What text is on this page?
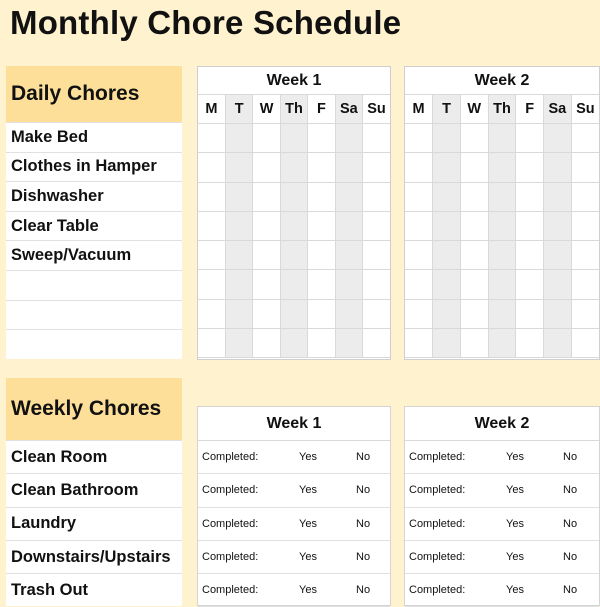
Monthly Chore Schedule
Daily Chores
Make Bed
Clothes in Hamper
Dishwasher
Clear Table
Sweep/Vacuum
Week 1
M	T	W	Th	F	Sa	Su

Week 2
M	T	W	Th	F	Sa	Su

Weekly Chores
Clean Room
Clean Bathroom
Laundry
Downstairs/Upstairs
Trash Out
Week 1
Completed:	Yes	No
Completed:	Yes	No
Completed:	Yes	No
Completed:	Yes	No
Completed:	Yes	No
Week 2
Completed:	Yes	No
Completed:	Yes	No
Completed:	Yes	No
Completed:	Yes	No
Completed:	Yes	No
